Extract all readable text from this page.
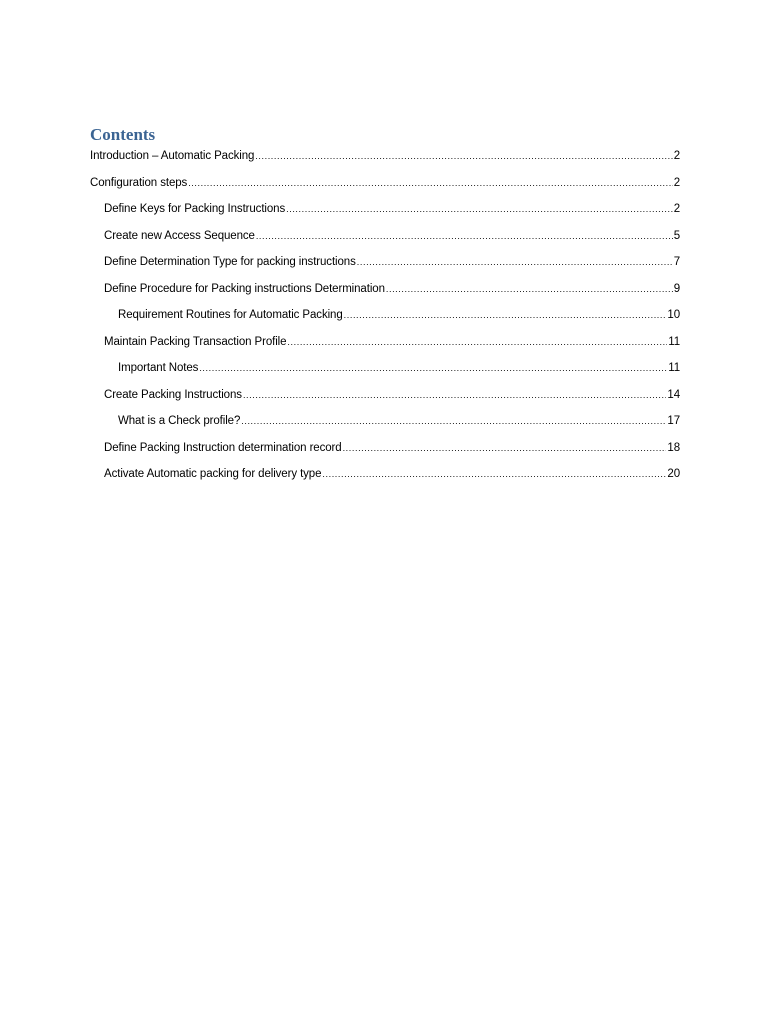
Contents
Introduction – Automatic Packing .....	2
Configuration steps .....	2
Define Keys for Packing Instructions .....	2
Create new Access Sequence .....	5
Define Determination Type for packing instructions .....	7
Define Procedure for Packing instructions Determination .....	9
Requirement Routines for Automatic Packing .....	10
Maintain Packing Transaction Profile .....	11
Important Notes .....	11
Create Packing Instructions .....	14
What is a Check profile? .....	17
Define Packing Instruction determination record .....	18
Activate Automatic packing for delivery type .....	20
